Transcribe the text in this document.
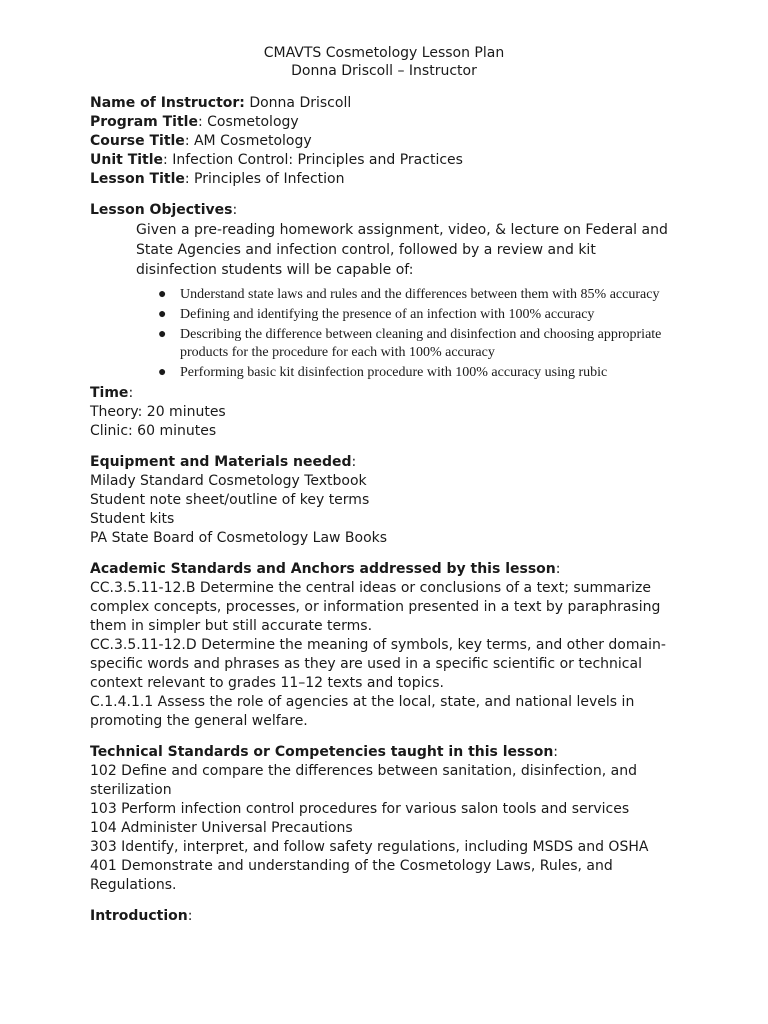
CMAVTS Cosmetology Lesson Plan
Donna Driscoll – Instructor
Name of Instructor: Donna Driscoll
Program Title: Cosmetology
Course Title: AM Cosmetology
Unit Title: Infection Control: Principles and Practices
Lesson Title: Principles of Infection
Lesson Objectives:
Given a pre-reading homework assignment, video, & lecture on Federal and State Agencies and infection control, followed by a review and kit disinfection students will be capable of:
● Understand state laws and rules and the differences between them with 85% accuracy
● Defining and identifying the presence of an infection with 100% accuracy
● Describing the difference between cleaning and disinfection and choosing appropriate products for the procedure for each with 100% accuracy
● Performing basic kit disinfection procedure with 100% accuracy using rubic
Time:
Theory: 20 minutes
Clinic: 60 minutes
Equipment and Materials needed:
Milady Standard Cosmetology Textbook
Student note sheet/outline of key terms
Student kits
PA State Board of Cosmetology Law Books
Academic Standards and Anchors addressed by this lesson:
CC.3.5.11-12.B Determine the central ideas or conclusions of a text; summarize complex concepts, processes, or information presented in a text by paraphrasing them in simpler but still accurate terms.
CC.3.5.11-12.D Determine the meaning of symbols, key terms, and other domain-specific words and phrases as they are used in a specific scientific or technical context relevant to grades 11–12 texts and topics.
C.1.4.1.1 Assess the role of agencies at the local, state, and national levels in promoting the general welfare.
Technical Standards or Competencies taught in this lesson:
102 Define and compare the differences between sanitation, disinfection, and sterilization
103 Perform infection control procedures for various salon tools and services
104 Administer Universal Precautions
303 Identify, interpret, and follow safety regulations, including MSDS and OSHA
401 Demonstrate and understanding of the Cosmetology Laws, Rules, and Regulations.
Introduction:
